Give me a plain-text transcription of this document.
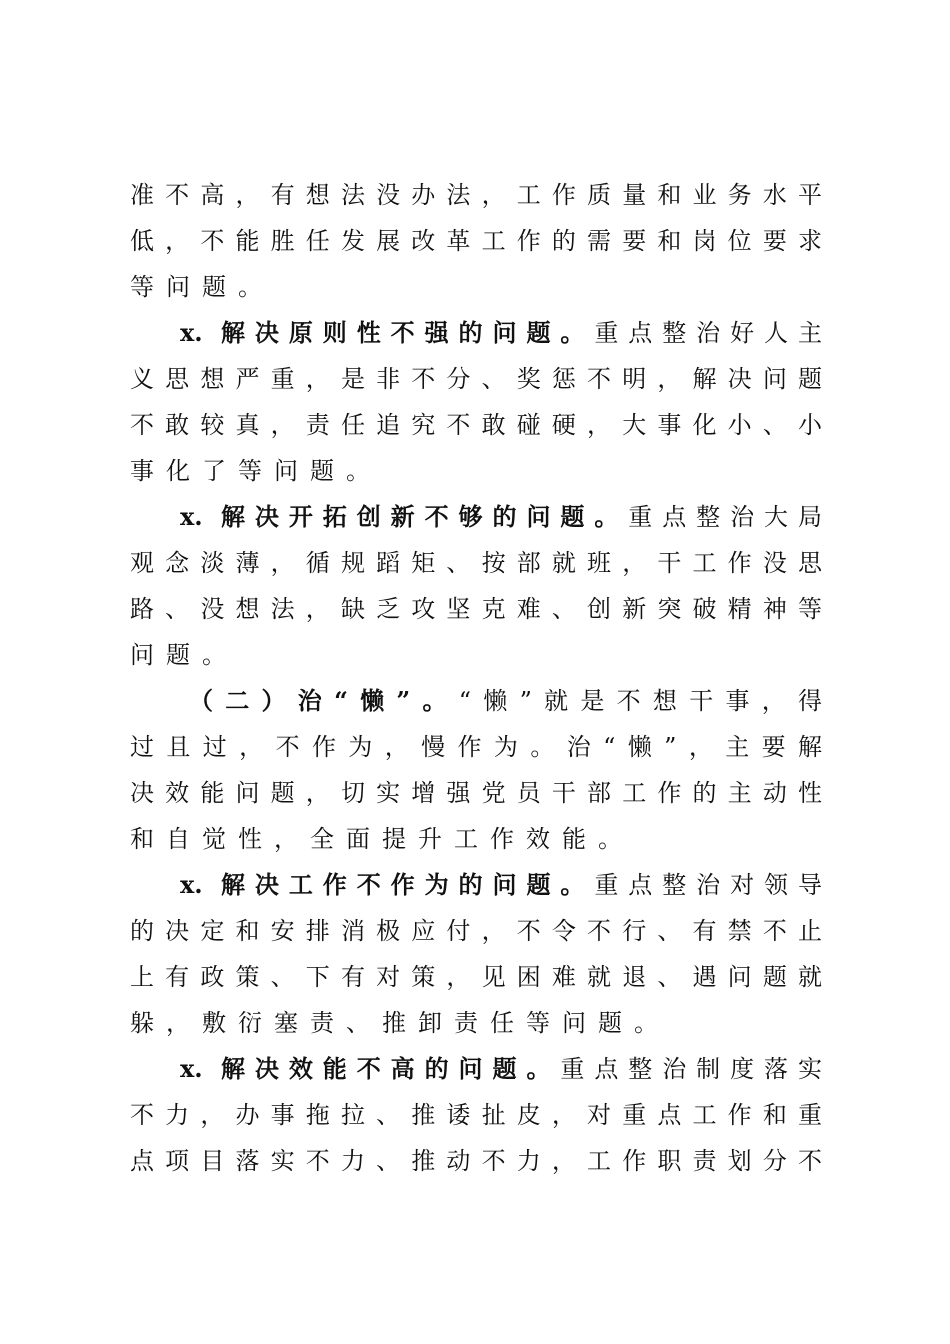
准不高，有想法没办法，工作质量和业务水平
低，不能胜任发展改革工作的需要和岗位要求
等问题。
x. 解决原则性不强的问题。重点整治好人主
义思想严重，是非不分、奖惩不明，解决问题
不敢较真，责任追究不敢碰硬，大事化小、小
事化了等问题。
x. 解决开拓创新不够的问题。重点整治大局
观念淡薄，循规蹈矩、按部就班，干工作没思
路、没想法，缺乏攻坚克难、创新突破精神等
问题。
（二）治“懒”。“懒”就是不想干事，得
过且过，不作为，慢作为。治“懒”，主要解
决效能问题，切实增强党员干部工作的主动性
和自觉性，全面提升工作效能。
x. 解决工作不作为的问题。重点整治对领导
的决定和安排消极应付，不令不行、有禁不止
上有政策、下有对策，见困难就退、遇问题就
躲，敷衍塞责、推卸责任等问题。
x. 解决效能不高的问题。重点整治制度落实
不力，办事拖拉、推诿扯皮，对重点工作和重
点项目落实不力、推动不力，工作职责划分不
